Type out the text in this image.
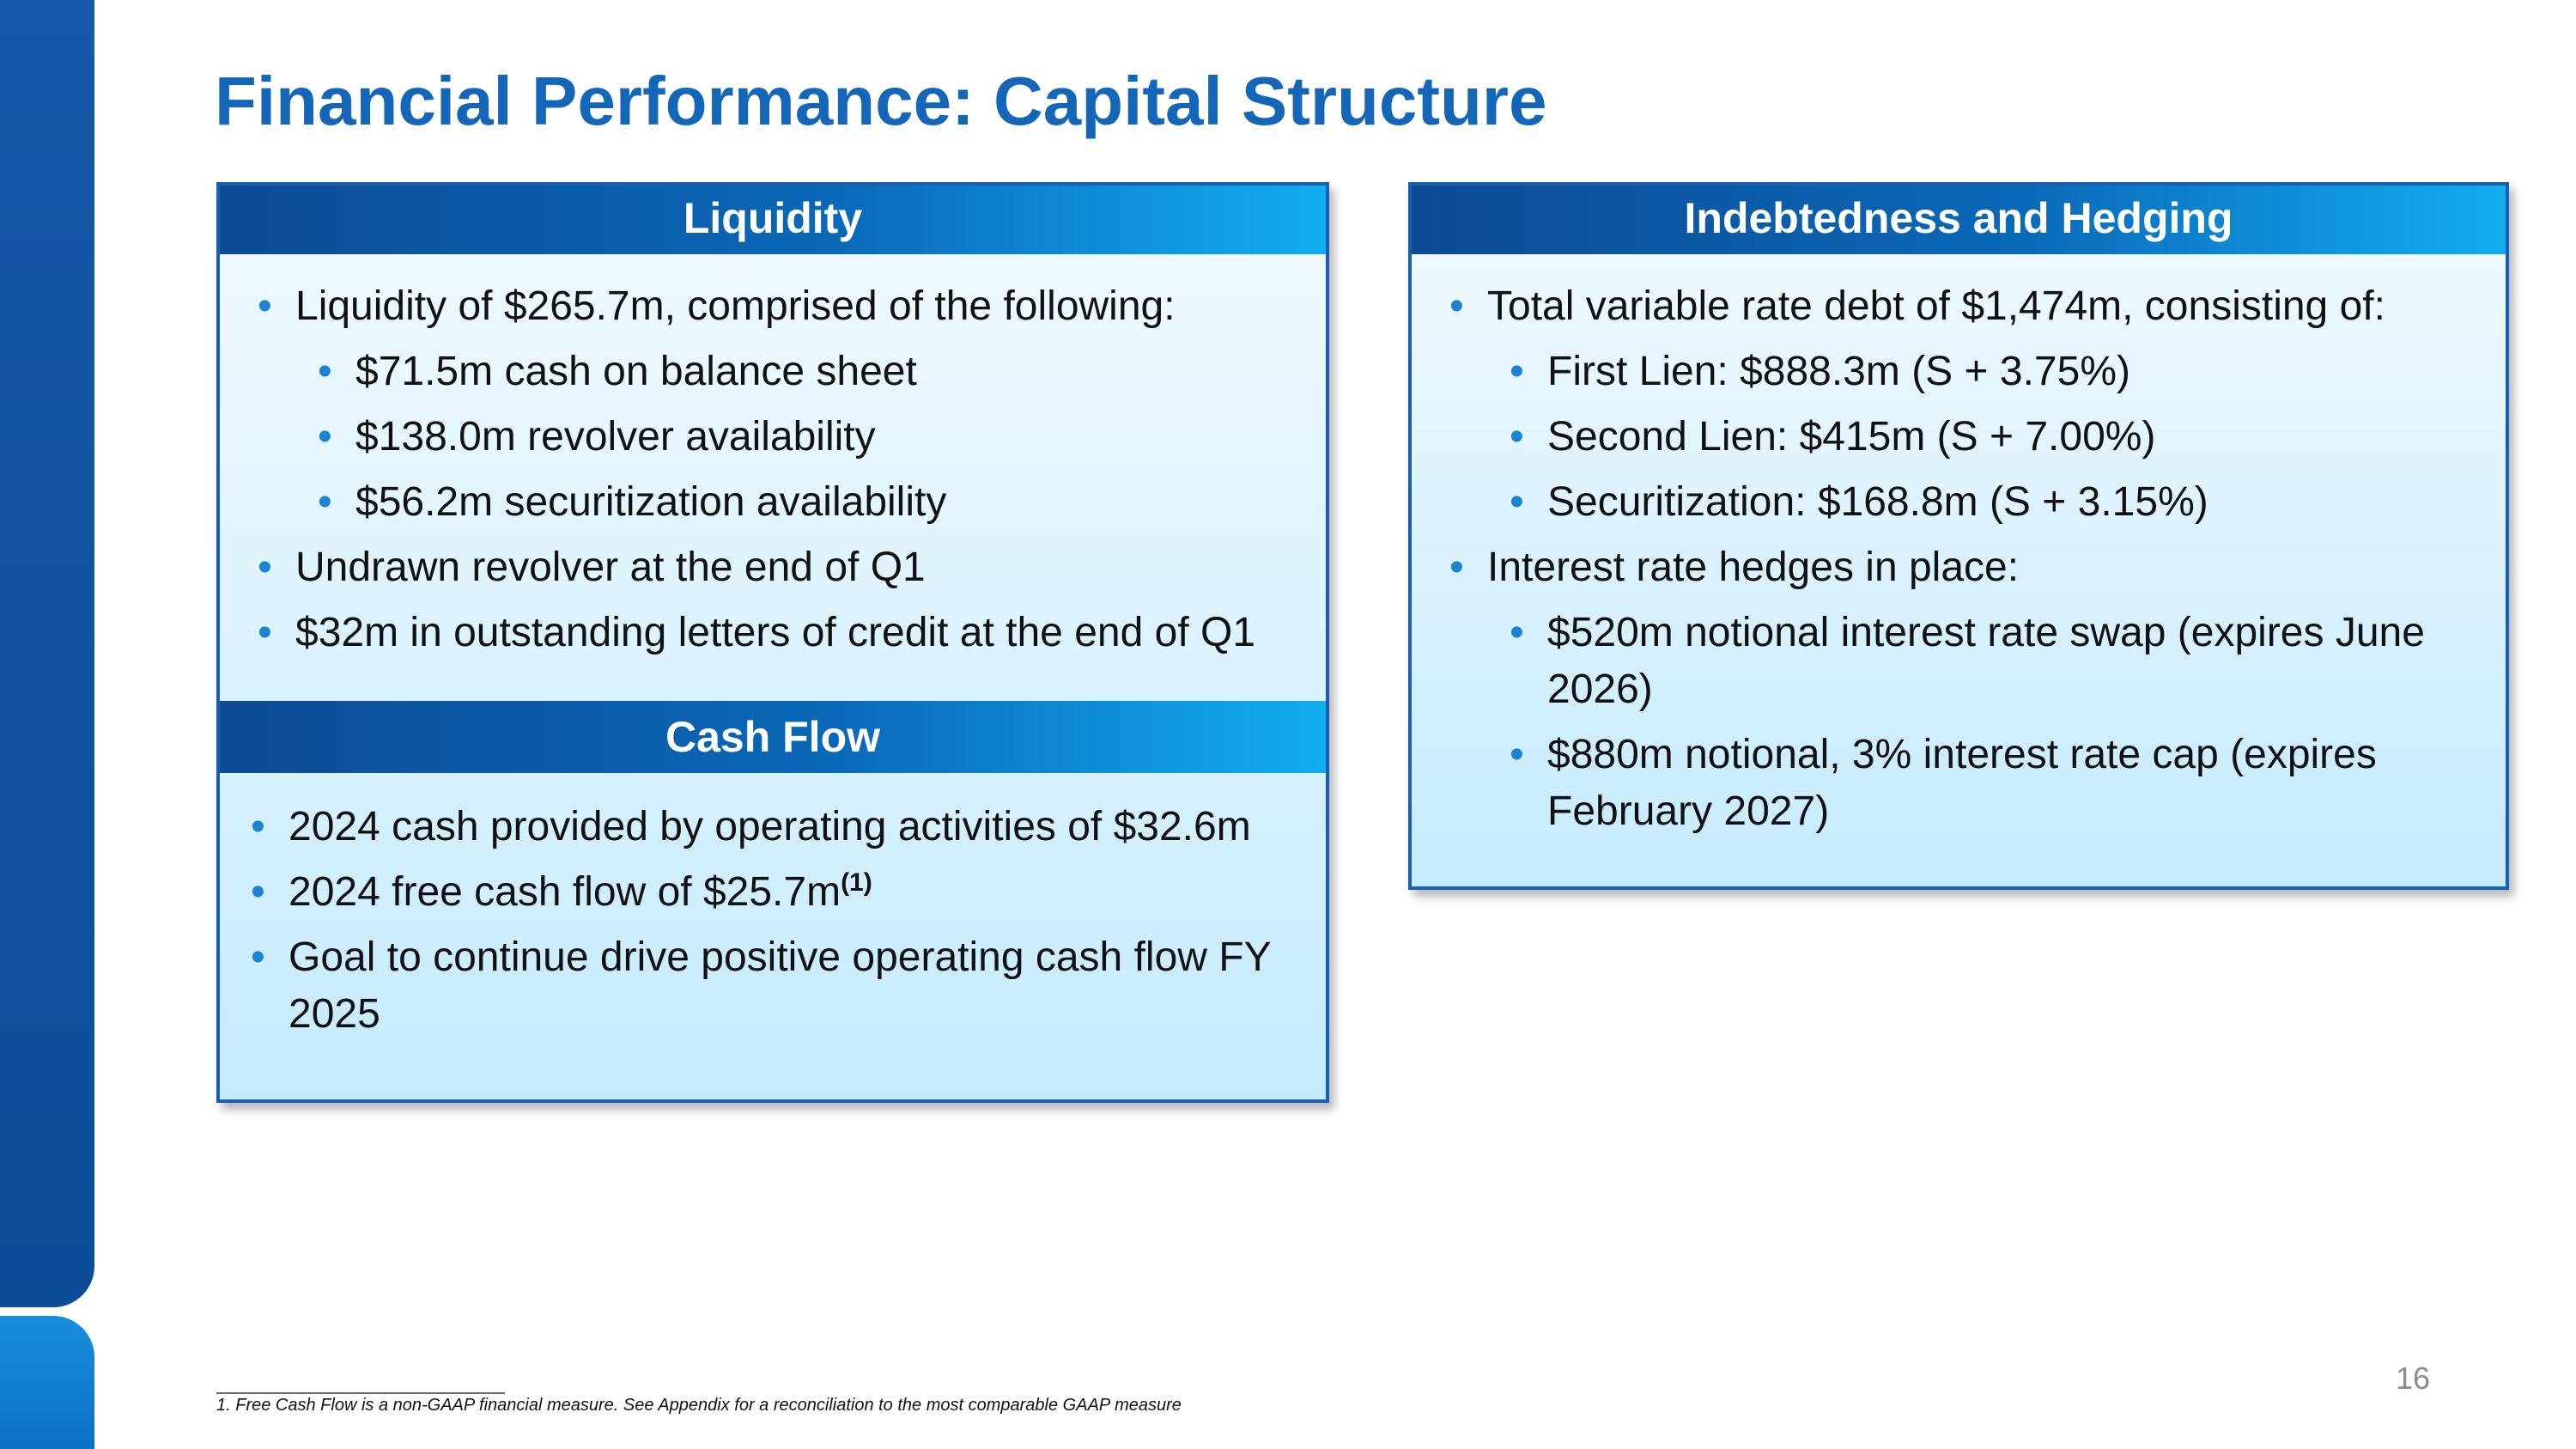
Financial Performance: Capital Structure
Liquidity
• Liquidity of $265.7m, comprised of the following:
• $71.5m cash on balance sheet
• $138.0m revolver availability
• $56.2m securitization availability
• Undrawn revolver at the end of Q1
• $32m in outstanding letters of credit at the end of Q1
Cash Flow
• 2024 cash provided by operating activities of $32.6m
• 2024 free cash flow of $\$25.7m^{(1)}$
• Goal to continue drive positive operating cash flow FY 2025
Indebtedness and Hedging
• Total variable rate debt of $1,474m, consisting of:
• First Lien: $888.3m (S + 3.75%)
• Second Lien: $415m (S + 7.00%)
• Securitization: $168.8m (S + 3.15%)
• Interest rate hedges in place:
• $520m notional interest rate swap (expires June 2026)
• $880m notional, 3% interest rate cap (expires February 2027)
1. Free Cash Flow is a non-GAAP financial measure. See Appendix for a reconciliation to the most comparable GAAP measure
16
